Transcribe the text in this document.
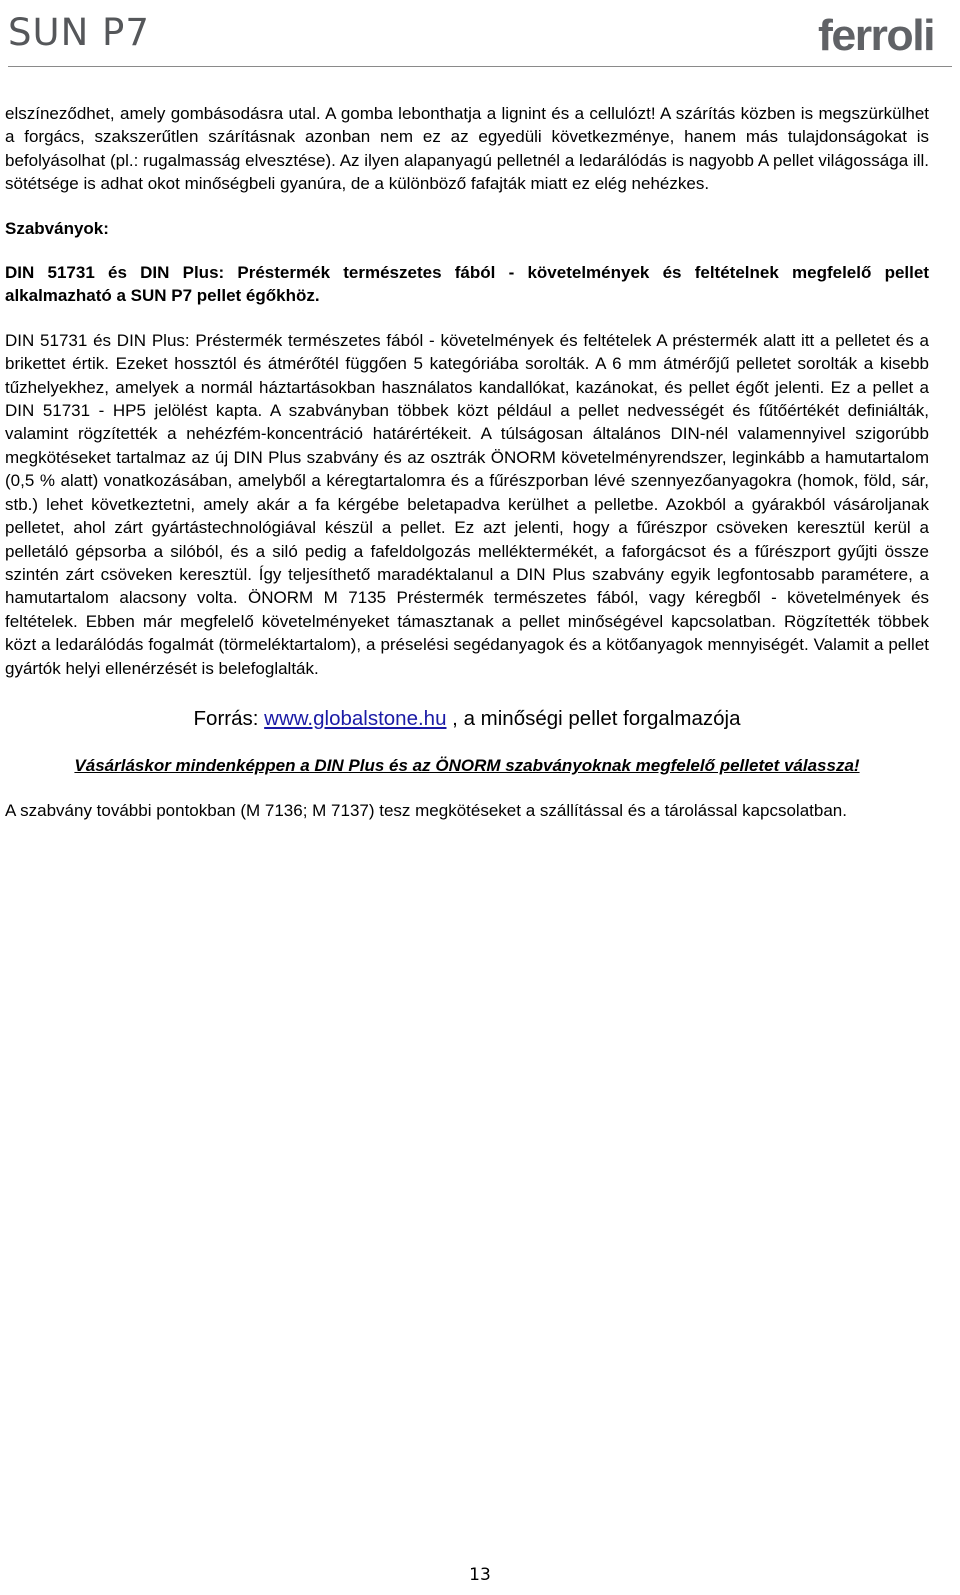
SUN P7	ferroli

elszíneződhet, amely gombásodásra utal. A gomba lebonthatja a lignint és a cellulózt! A szárítás közben is megszürkülhet a forgács, szakszerűtlen szárításnak azonban nem ez az egyedüli következménye, hanem más tulajdonságokat is befolyásolhat (pl.: rugalmasság elvesztése). Az ilyen alapanyagú pelletnél a ledarálódás is nagyobb A pellet világossága ill. sötétsége is adhat okot minőségbeli gyanúra, de a különböző fafajták miatt ez elég nehézkes.

Szabványok:

DIN 51731 és DIN Plus: Préstermék természetes fából - követelmények és feltételnek megfelelő pellet alkalmazható a SUN P7 pellet égőkhöz.

DIN 51731 és DIN Plus: Préstermék természetes fából - követelmények és feltételek A préstermék alatt itt a pelletet és a brikettet értik. Ezeket hossztól és átmérőtél függően 5 kategóriába sorolták. A 6 mm átmérőjű pelletet sorolták a kisebb tűzhelyekhez, amelyek a normál háztartásokban használatos kandallókat, kazánokat, és pellet égőt jelenti. Ez a pellet a DIN 51731 - HP5 jelölést kapta. A szabványban többek közt például a pellet nedvességét és fűtőértékét definiálták, valamint rögzítették a nehézfém-koncentráció határértékeit. A túlságosan általános DIN-nél valamennyivel szigorúbb megkötéseket tartalmaz az új DIN Plus szabvány és az osztrák ÖNORM követelményrendszer, leginkább a hamutartalom (0,5 % alatt) vonatkozásában, amelyből a kéregtartalomra és a fűrészporban lévé szennyezőanyagokra (homok, föld, sár, stb.) lehet következtetni, amely akár a fa kérgébe beletapadva kerülhet a pelletbe. Azokból a gyárakból vásároljanak pelletet, ahol zárt gyártástechnológiával készül a pellet. Ez azt jelenti, hogy a fűrészpor csöveken keresztül kerül a pelletáló gépsorba a silóból, és a siló pedig a fafeldolgozás melléktermékét, a faforgácsot és a fűrészport gyűjti össze szintén zárt csöveken keresztül. Így teljesíthető maradéktalanul a DIN Plus szabvány egyik legfontosabb paramétere, a hamutartalom alacsony volta. ÖNORM M 7135 Préstermék természetes fából, vagy kéregből - követelmények és feltételek. Ebben már megfelelő követelményeket támasztanak a pellet minőségével kapcsolatban. Rögzítették többek közt a ledarálódás fogalmát (törmeléktartalom), a préselési segédanyagok és a kötőanyagok mennyiségét. Valamit a pellet gyártók helyi ellenérzését is belefoglalták.

Forrás: www.globalstone.hu , a minőségi pellet forgalmazója

Vásárláskor mindenképpen a DIN Plus és az ÖNORM szabványoknak megfelelő pelletet válassza!

A szabvány további pontokban (M 7136; M 7137) tesz megkötéseket a szállítással és a tárolással kapcsolatban.

13
